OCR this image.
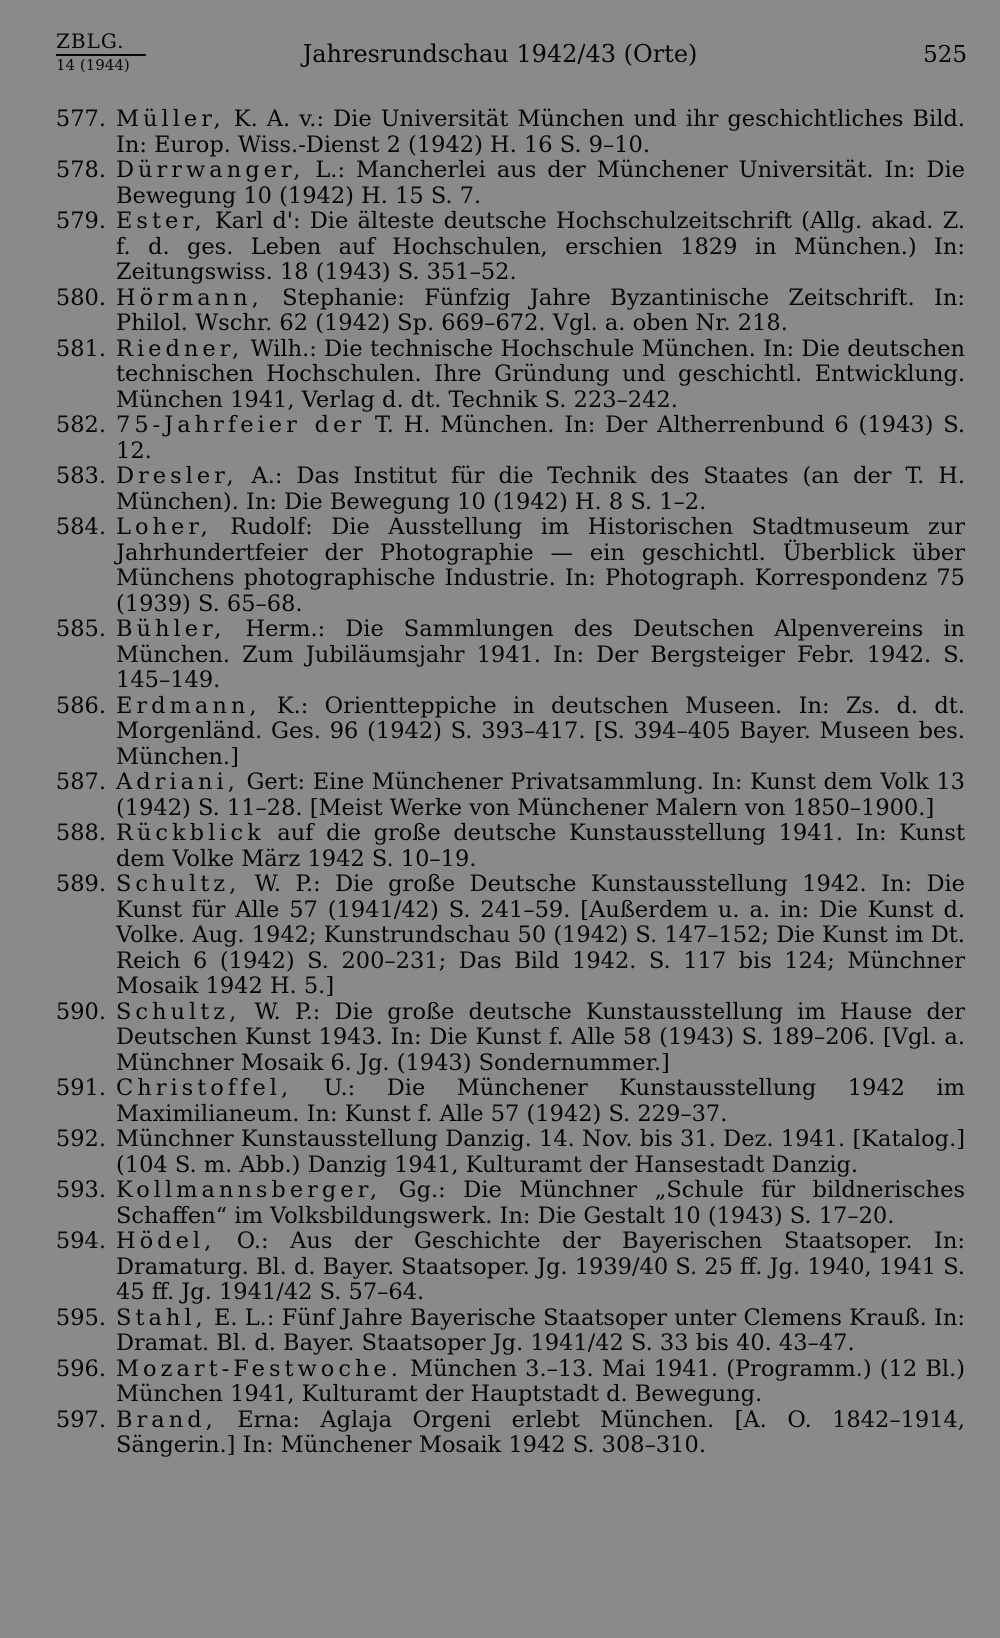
ZBLG.
14 (1944)	Jahresrundschau 1942/43 (Orte)	525
577. Müller, K. A. v.: Die Universität München und ihr geschichtliches Bild. In: Europ. Wiss.-Dienst 2 (1942) H. 16 S. 9–10.
578. Dürrwanger, L.: Mancherlei aus der Münchener Universität. In: Die Bewegung 10 (1942) H. 15 S. 7.
579. Ester, Karl d': Die älteste deutsche Hochschulzeitschrift (Allg. akad. Z. f. d. ges. Leben auf Hochschulen, erschien 1829 in München.) In: Zeitungswiss. 18 (1943) S. 351–52.
580. Hörmann, Stephanie: Fünfzig Jahre Byzantinische Zeitschrift. In: Philol. Wschr. 62 (1942) Sp. 669–672. Vgl. a. oben Nr. 218.
581. Riedner, Wilh.: Die technische Hochschule München. In: Die deutschen technischen Hochschulen. Ihre Gründung und geschichtl. Entwicklung. München 1941, Verlag d. dt. Technik S. 223–242.
582. 75-Jahrfeier der T. H. München. In: Der Altherrenbund 6 (1943) S. 12.
583. Dresler, A.: Das Institut für die Technik des Staates (an der T. H. München). In: Die Bewegung 10 (1942) H. 8 S. 1–2.
584. Loher, Rudolf: Die Ausstellung im Historischen Stadtmuseum zur Jahrhundertfeier der Photographie — ein geschichtl. Überblick über Münchens photographische Industrie. In: Photograph. Korrespondenz 75 (1939) S. 65–68.
585. Bühler, Herm.: Die Sammlungen des Deutschen Alpenvereins in München. Zum Jubiläumsjahr 1941. In: Der Bergsteiger Febr. 1942. S. 145–149.
586. Erdmann, K.: Orientteppiche in deutschen Museen. In: Zs. d. dt. Morgenländ. Ges. 96 (1942) S. 393–417. [S. 394–405 Bayer. Museen bes. München.]
587. Adriani, Gert: Eine Münchener Privatsammlung. In: Kunst dem Volk 13 (1942) S. 11–28. [Meist Werke von Münchener Malern von 1850–1900.]
588. Rückblick auf die große deutsche Kunstausstellung 1941. In: Kunst dem Volke März 1942 S. 10–19.
589. Schultz, W. P.: Die große Deutsche Kunstausstellung 1942. In: Die Kunst für Alle 57 (1941/42) S. 241–59. [Außerdem u. a. in: Die Kunst d. Volke. Aug. 1942; Kunstrundschau 50 (1942) S. 147–152; Die Kunst im Dt. Reich 6 (1942) S. 200–231; Das Bild 1942. S. 117 bis 124; Münchner Mosaik 1942 H. 5.]
590. Schultz, W. P.: Die große deutsche Kunstausstellung im Hause der Deutschen Kunst 1943. In: Die Kunst f. Alle 58 (1943) S. 189–206. [Vgl. a. Münchner Mosaik 6. Jg. (1943) Sondernummer.]
591. Christoffel, U.: Die Münchener Kunstausstellung 1942 im Maximilianeum. In: Kunst f. Alle 57 (1942) S. 229–37.
592. Münchner Kunstausstellung Danzig. 14. Nov. bis 31. Dez. 1941. [Katalog.] (104 S. m. Abb.) Danzig 1941, Kulturamt der Hansestadt Danzig.
593. Kollmannsberger, Gg.: Die Münchner „Schule für bildnerisches Schaffen“ im Volksbildungswerk. In: Die Gestalt 10 (1943) S. 17–20.
594. Hödel, O.: Aus der Geschichte der Bayerischen Staatsoper. In: Dramaturg. Bl. d. Bayer. Staatsoper. Jg. 1939/40 S. 25 ff. Jg. 1940, 1941 S. 45 ff. Jg. 1941/42 S. 57–64.
595. Stahl, E. L.: Fünf Jahre Bayerische Staatsoper unter Clemens Krauß. In: Dramat. Bl. d. Bayer. Staatsoper Jg. 1941/42 S. 33 bis 40. 43–47.
596. Mozart-Festwoche. München 3.–13. Mai 1941. (Programm.) (12 Bl.) München 1941, Kulturamt der Hauptstadt d. Bewegung.
597. Brand, Erna: Aglaja Orgeni erlebt München. [A. O. 1842–1914, Sängerin.] In: Münchener Mosaik 1942 S. 308–310.
